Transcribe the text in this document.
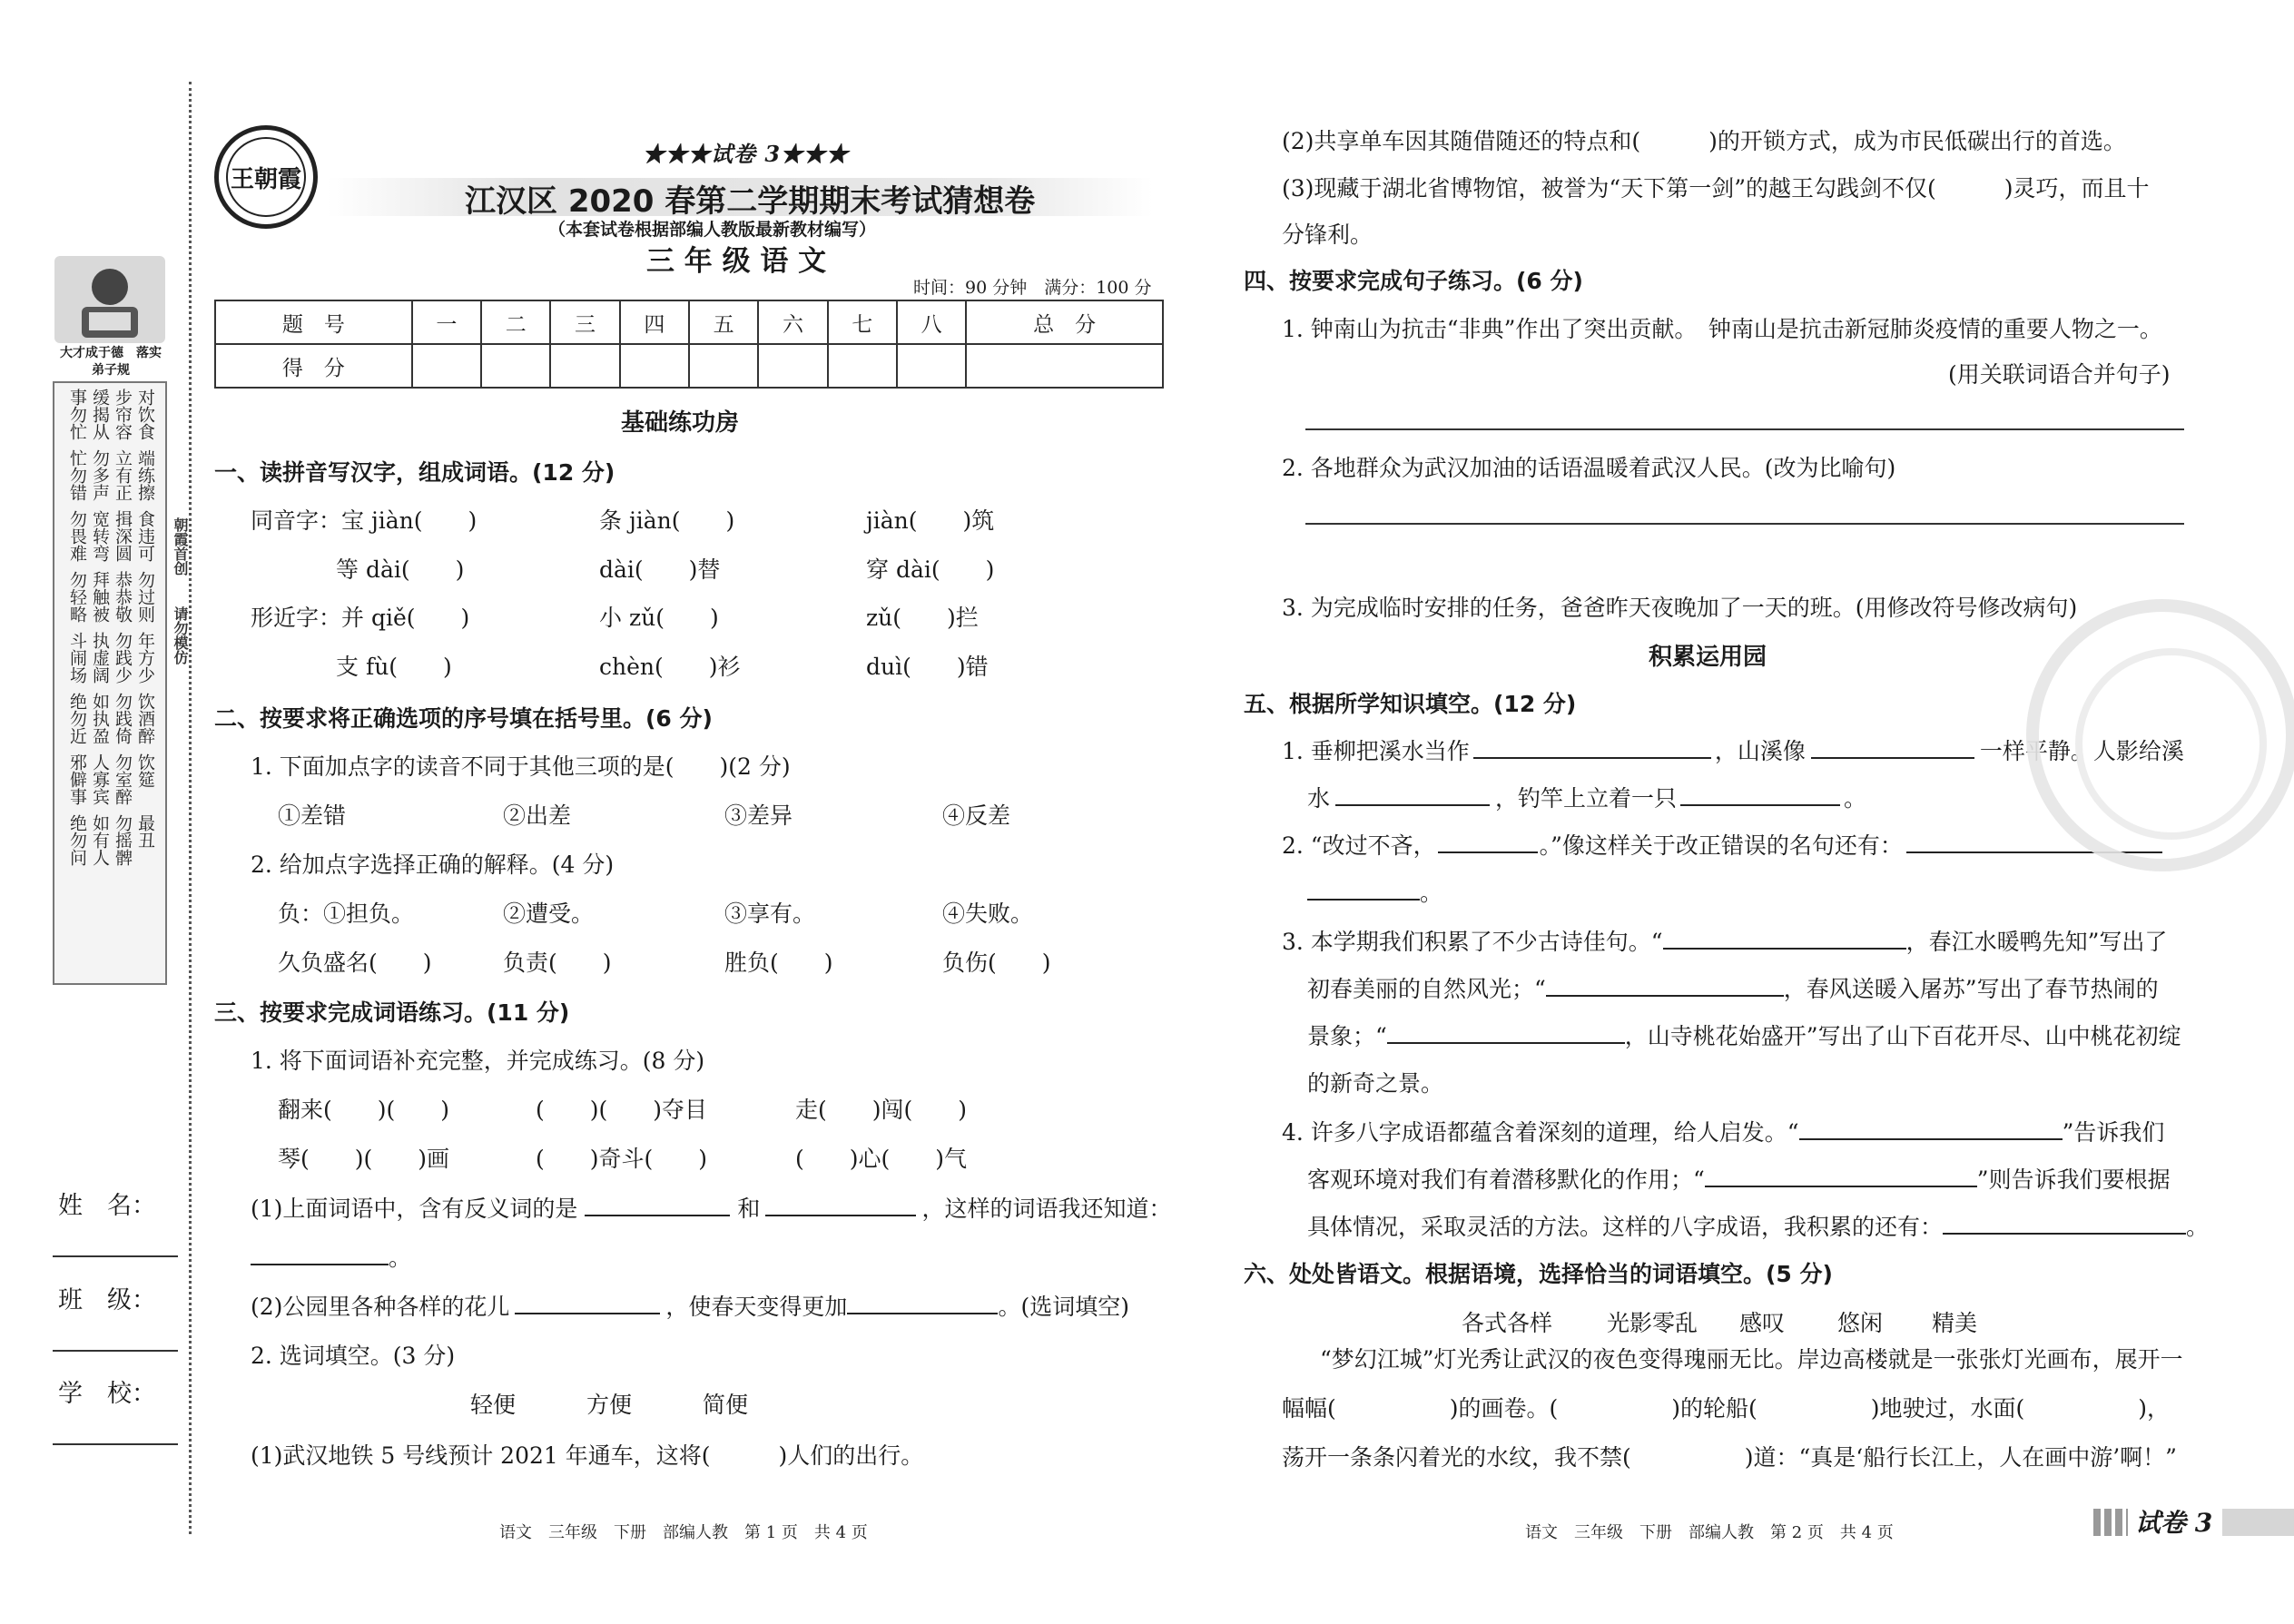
大才成于德　落实弟子规
事勿忙 缓揭从 步帘容 对饮食
忙勿错 勿多声 立有正 端练擦
勿畏难 宽转弯 揖深圆 食违可
勿轻略 拜触被 恭恭敬 勿过则
斗闹场 执虚阔 勿践少 年方少
绝勿近 如执盈 勿践倚 饮酒醉
邪僻事 人寡宾 勿室醉 饮筵
绝勿问 如有人 勿摇髀 最丑
朝霞首创
请勿模仿
姓　名：
班　级：
学　校：
王朝霞
★★★试卷 3★★★
江汉区 2020 春第二学期期末考试猜想卷
（本套试卷根据部编人教版最新教材编写）
三 年 级 语 文
时间：90 分钟　满分：100 分
题　号	一	二	三	四	五	六	七	八	总　分
得　分									
基础练功房
一、读拼音写汉字，组成词语。(12 分)
同音字：宝 jiàn(　　)	条 jiàn(　　)	jiàn(　　)筑
等 dài(　　)	dài(　　)替	穿 dài(　　)
形近字：并 qiě(　　)	小 zǔ(　　)	zǔ(　　)拦
支 fù(　　)	chèn(　　)衫	duì(　　)错
二、按要求将正确选项的序号填在括号里。(6 分)
1. 下面加点字的读音不同于其他三项的是(　　)(2 分)
①差错	②出差	③差异	④反差
2. 给加点字选择正确的解释。(4 分)
负：①担负。	②遭受。	③享有。	④失败。
久负盛名(　　)	负责(　　)	胜负(　　)	负伤(　　)
三、按要求完成词语练习。(11 分)
1. 将下面词语补充完整，并完成练习。(8 分)
翻来(　　)(　　)	(　　)(　　)夺目	走(　　)闯(　　)
琴(　　)(　　)画	(　　)奇斗(　　)	(　　)心(　　)气
(1)上面词语中，含有反义词的是	和	，这样的词语我还知道：
。
(2)公园里各种各样的花儿	，使春天变得更加	。(选词填空)
2. 选词填空。(3 分)
轻便	方便	简便
(1)武汉地铁 5 号线预计 2021 年通车，这将(　　　)人们的出行。
语文　三年级　下册　部编人教　第 1 页　共 4 页
(2)共享单车因其随借随还的特点和(　　　)的开锁方式，成为市民低碳出行的首选。
(3)现藏于湖北省博物馆，被誉为“天下第一剑”的越王勾践剑不仅(　　　)灵巧，而且十
分锋利。
四、按要求完成句子练习。(6 分)
1. 钟南山为抗击“非典”作出了突出贡献。　钟南山是抗击新冠肺炎疫情的重要人物之一。
(用关联词语合并句子)
2. 各地群众为武汉加油的话语温暖着武汉人民。(改为比喻句)
3. 为完成临时安排的任务，爸爸昨天夜晚加了一天的班。(用修改符号修改病句)
积累运用园
五、根据所学知识填空。(12 分)
1. 垂柳把溪水当作	，山溪像	一样平静。人影给溪
水	，钓竿上立着一只	。
2. “改过不吝，	。”像这样关于改正错误的名句还有：
。
3. 本学期我们积累了不少古诗佳句。“	，春江水暖鸭先知”写出了
初春美丽的自然风光；“	，春风送暖入屠苏”写出了春节热闹的
景象；“	，山寺桃花始盛开”写出了山下百花开尽、山中桃花初绽
的新奇之景。
4. 许多八字成语都蕴含着深刻的道理，给人启发。“	”告诉我们
客观环境对我们有着潜移默化的作用；“	”则告诉我们要根据
具体情况，采取灵活的方法。这样的八字成语，我积累的还有：	。
六、处处皆语文。根据语境，选择恰当的词语填空。(5 分)
各式各样 光影零乱 感叹 悠闲 精美
“梦幻江城”灯光秀让武汉的夜色变得瑰丽无比。岸边高楼就是一张张灯光画布，展开一
幅幅(　　　　　)的画卷。(　　　　　)的轮船(　　　　　)地驶过，水面(　　　　　)，
荡开一条条闪着光的水纹，我不禁(　　　　　)道：“真是‘船行长江上，人在画中游’啊！”
语文　三年级　下册　部编人教　第 2 页　共 4 页	试卷 3
